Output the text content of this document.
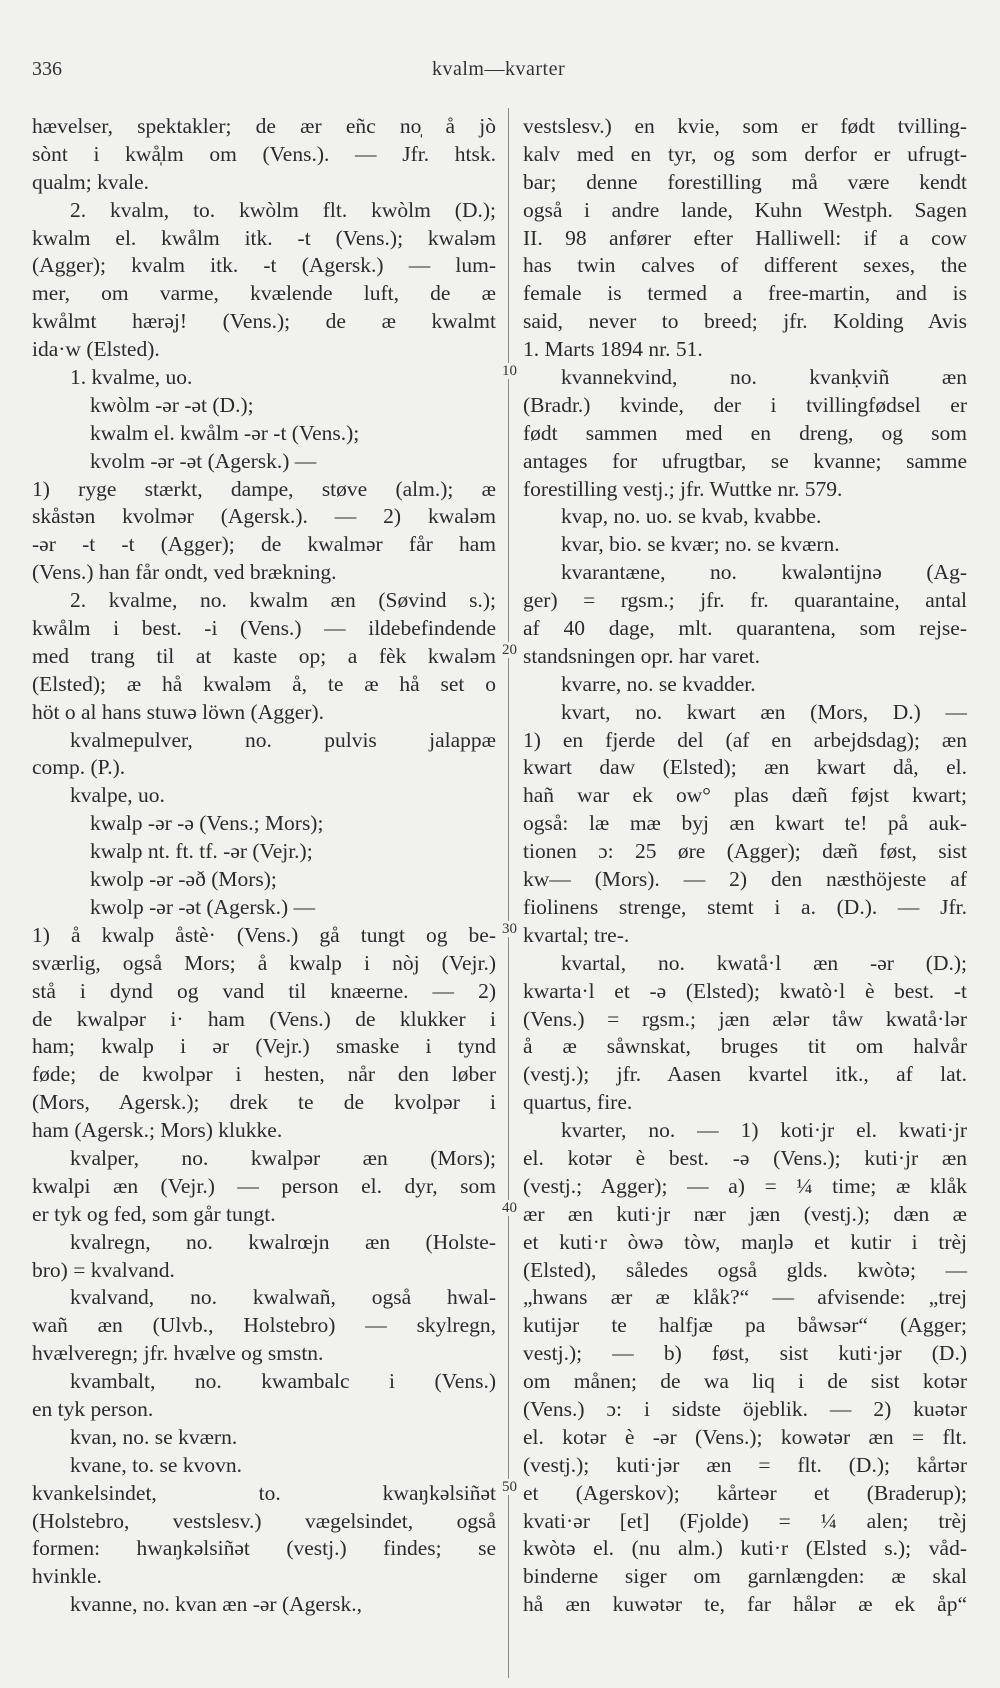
336	kvalm—kvarter
10
20
30
40
50
hævelser, spektakler; de ær eñc no̩ å jò
sònt i kwå̩lm om (Vens.). — Jfr. htsk.
qualm; kvale.
2. kvalm, to. kwòlm flt. kwòlm (D.);
kwalm el. kwålm itk. -t (Vens.); kwaləm
(Agger); kvalm itk. -t (Agersk.) — lum-
mer, om varme, kvælende luft, de æ
kwålmt hærə̩j! (Vens.); de æ kwalmt
ida·w (Elsted).
1. kvalme, uo.
kwòlm -ər -ət (D.);
kwalm el. kwålm -ər -t (Vens.);
kvolm -ər -ət (Agersk.) —
1) ryge stærkt, dampe, støve (alm.); æ
skåstən kvolmər (Agersk.). — 2) kwaləm
-ər -t -t (Agger); de kwalmər får ham
(Vens.) han får ondt, ved brækning.
2. kvalme, no. kwalm æn (Søvind s.);
kwålm i best. -i (Vens.) — ildebefindende
med trang til at kaste op; a fèk kwaləm
(Elsted); æ hå kwaləm å, te æ hå set o
höt o al hans stuwə löwn (Agger).
kvalmepulver, no. pulvis jalappæ
comp. (P.).
kvalpe, uo.
kwalp -ər -ə (Vens.; Mors);
kwalp nt. ft. tf. -ər (Vejr.);
kwolp -ər -əð (Mors);
kwolp -ər -ət (Agersk.) —
1) å kwalp åstè· (Vens.) gå tungt og be-
sværlig, også Mors; å kwalp i nòj (Vejr.)
stå i dynd og vand til knæerne. — 2)
de kwalpər i· ham (Vens.) de klukker i
ham; kwalp i ər (Vejr.) smaske i tynd
føde; de kwolpər i hesten, når den løber
(Mors, Agersk.); drek te de kvolpər i
ham (Agersk.; Mors) klukke.
kvalper, no. kwalpər æn (Mors);
kwalpi æn (Vejr.) — person el. dyr, som
er tyk og fed, som går tungt.
kvalregn, no. kwalrœjn æn (Holste-
bro) = kvalvand.
kvalvand, no. kwalwañ, også hwal-
wañ æn (Ulvb., Holstebro) — skylregn,
hvælveregn; jfr. hvælve og smstn.
kvambalt, no. kwambalc i (Vens.)
en tyk person.
kvan, no. se kværn.
kvane, to. se kvovn.
kvankelsindet, to. kwaŋkəlsiñət
(Holstebro, vestslesv.) vægelsindet, også
formen: hwaŋkəlsiñət (vestj.) findes; se
hvinkle.
kvanne, no. kvan æn -ər (Agersk.,
vestslesv.) en kvie, som er født tvilling-
kalv med en tyr, og som derfor er ufrugt-
bar; denne forestilling må være kendt
også i andre lande, Kuhn Westph. Sagen
II. 98 anfører efter Halliwell: if a cow
has twin calves of different sexes, the
female is termed a free-martin, and is
said, never to breed; jfr. Kolding Avis
1. Marts 1894 nr. 51.
kvannekvind, no. kvanḳviñ æn
(Bradr.) kvinde, der i tvillingfødsel er
født sammen med en dreng, og som
antages for ufrugtbar, se kvanne; samme
forestilling vestj.; jfr. Wuttke nr. 579.
kvap, no. uo. se kvab, kvabbe.
kvar, bio. se kvær; no. se kværn.
kvarantæne, no. kwaləntijnə (Ag-
ger) = rgsm.; jfr. fr. quarantaine, antal
af 40 dage, mlt. quarantena, som rejse-
standsningen opr. har varet.
kvarre, no. se kvadder.
kvart, no. kwart æn (Mors, D.) —
1) en fjerde del (af en arbejdsdag); æn
kwart daw (Elsted); æn kwart då, el.
hañ war ek ow° plas dæñ føjst kwart;
også: læ mæ byj æn kwart te! på auk-
tionen ɔ: 25 øre (Agger); dæñ føst, sist
kw— (Mors). — 2) den næsthöjeste af
fiolinens strenge, stemt i a. (D.). — Jfr.
kvartal; tre-.
kvartal, no. kwatå·l æn -ər (D.);
kwarta·l et -ə (Elsted); kwatò·l è best. -t
(Vens.) = rgsm.; jæn ælər tåw kwatå·lər
å æ såwnskat, bruges tit om halvår
(vestj.); jfr. Aasen kvartel itk., af lat.
quartus, fire.
kvarter, no. — 1) koti·jr el. kwati·jr
el. kotər è best. -ə (Vens.); kuti·jr æn
(vestj.; Agger); — a) = ¼ time; æ klåk
ær æn kuti·jr nær jæn (vestj.); dæn æ
et kuti·r òwə tòw, maŋlə et kutir i trèj
(Elsted), således også glds. kwòtə; —
„hwans ær æ klåk?“ — afvisende: „trej
kutijər te halfjæ pa båwsər“ (Agger;
vestj.); — b) føst, sist kuti·jər (D.)
om månen; de wa liq i de sist kotər
(Vens.) ɔ: i sidste öjeblik. — 2) kuətər
el. kotər è -ər (Vens.); kowətər æn = flt.
(vestj.); kuti·jər æn = flt. (D.); kårtər
et (Agerskov); kårteər et (Braderup);
kvati·ər [et] (Fjolde) = ¼ alen; trèj
kwòtə el. (nu alm.) kuti·r (Elsted s.); våd-
binderne siger om garnlængden: æ skal
hå æn kuwətər te, far hålər æ ek åp“
